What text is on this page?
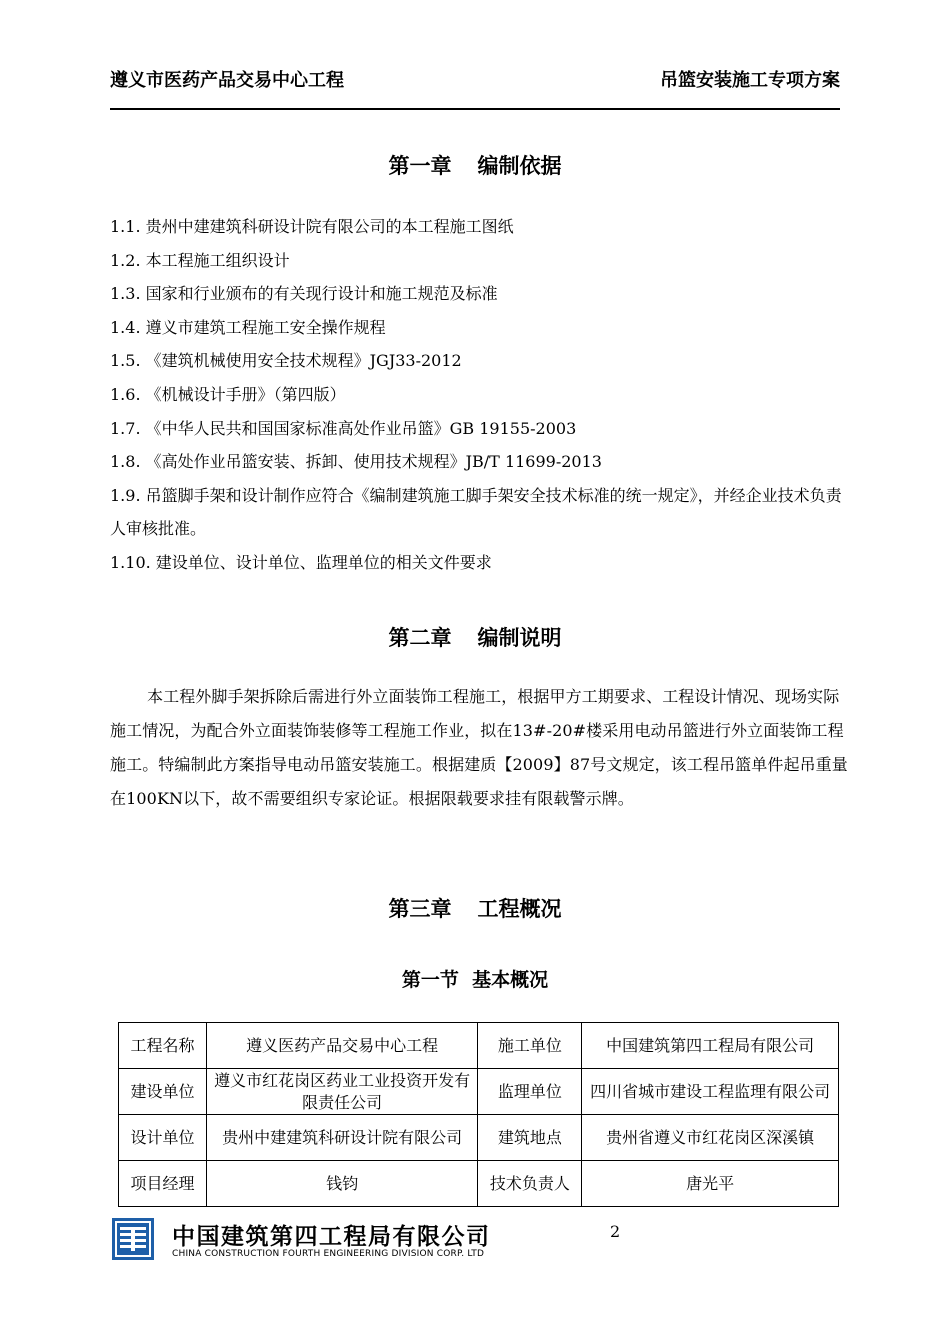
遵义市医药产品交易中心工程	吊篮安装施工专项方案
第一章 编制依据
1.1. 贵州中建建筑科研设计院有限公司的本工程施工图纸
1.2. 本工程施工组织设计
1.3. 国家和行业颁布的有关现行设计和施工规范及标准
1.4. 遵义市建筑工程施工安全操作规程
1.5. 《建筑机械使用安全技术规程》JGJ33-2012
1.6. 《机械设计手册》（第四版）
1.7. 《中华人民共和国国家标准高处作业吊篮》GB 19155-2003
1.8. 《高处作业吊篮安装、拆卸、使用技术规程》JB/T 11699-2013
1.9. 吊篮脚手架和设计制作应符合《编制建筑施工脚手架安全技术标准的统一规定》，并经企业技术负责人审核批准。
1.10. 建设单位、设计单位、监理单位的相关文件要求
第二章 编制说明
本工程外脚手架拆除后需进行外立面装饰工程施工，根据甲方工期要求、工程设计情况、现场实际施工情况，为配合外立面装饰装修等工程施工作业，拟在13#-20#楼采用电动吊篮进行外立面装饰工程施工。特编制此方案指导电动吊篮安装施工。根据建质【2009】87号文规定，该工程吊篮单件起吊重量在100KN以下，故不需要组织专家论证。根据限载要求挂有限载警示牌。
第三章 工程概况
第一节  基本概况
工程名称	遵义医药产品交易中心工程	施工单位	中国建筑第四工程局有限公司
建设单位	遵义市红花岗区药业工业投资开发有限责任公司	监理单位	四川省城市建设工程监理有限公司
设计单位	贵州中建建筑科研设计院有限公司	建筑地点	贵州省遵义市红花岗区深溪镇
项目经理	钱钧	技术负责人	唐光平
中国建筑第四工程局有限公司
CHINA CONSTRUCTION FOURTH ENGINEERING DIVISION CORP. LTD
2
